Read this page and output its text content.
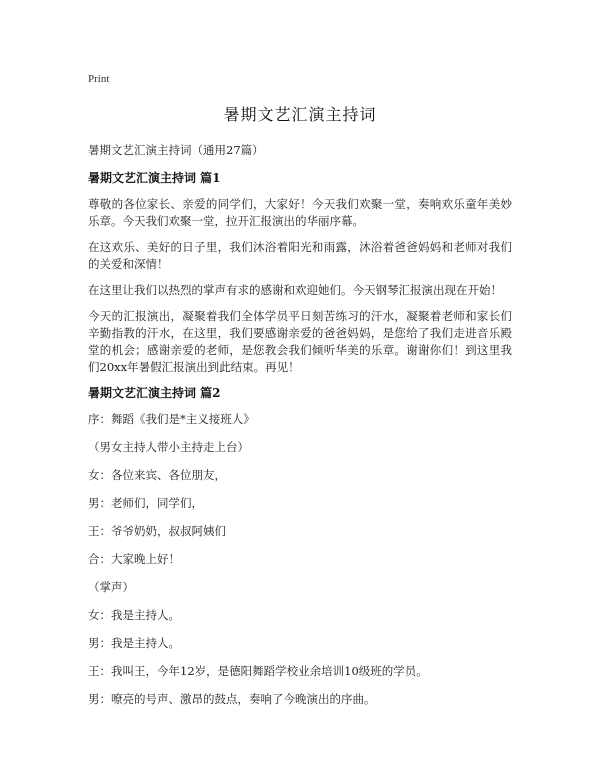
Print
暑期文艺汇演主持词

暑期文艺汇演主持词（通用27篇）

暑期文艺汇演主持词 篇1

尊敬的各位家长、亲爱的同学们，大家好！今天我们欢聚一堂，奏响欢乐童年美妙乐章。今天我们欢聚一堂，拉开汇报演出的华丽序幕。

在这欢乐、美好的日子里，我们沐浴着阳光和雨露，沐浴着爸爸妈妈和老师对我们的关爱和深情！

在这里让我们以热烈的掌声有求的感谢和欢迎她们。今天钢琴汇报演出现在开始！

今天的汇报演出，凝聚着我们全体学员平日刻苦练习的汗水，凝聚着老师和家长们辛勤指教的汗水，在这里，我们要感谢亲爱的爸爸妈妈，是您给了我们走进音乐殿堂的机会；感谢亲爱的老师，是您教会我们倾听华美的乐章。谢谢你们！到这里我们20xx年暑假汇报演出到此结束。再见！

暑期文艺汇演主持词 篇2

序：舞蹈《我们是*主义接班人》

（男女主持人带小主持走上台）

女：各位来宾、各位朋友，

男：老师们，同学们，

王：爷爷奶奶，叔叔阿姨们

合：大家晚上好！

（掌声）

女：我是主持人。

男：我是主持人。

王：我叫王，今年12岁，是德阳舞蹈学校业余培训10级班的学员。

男：嘹亮的号声、激昂的鼓点，奏响了今晚演出的序曲。
